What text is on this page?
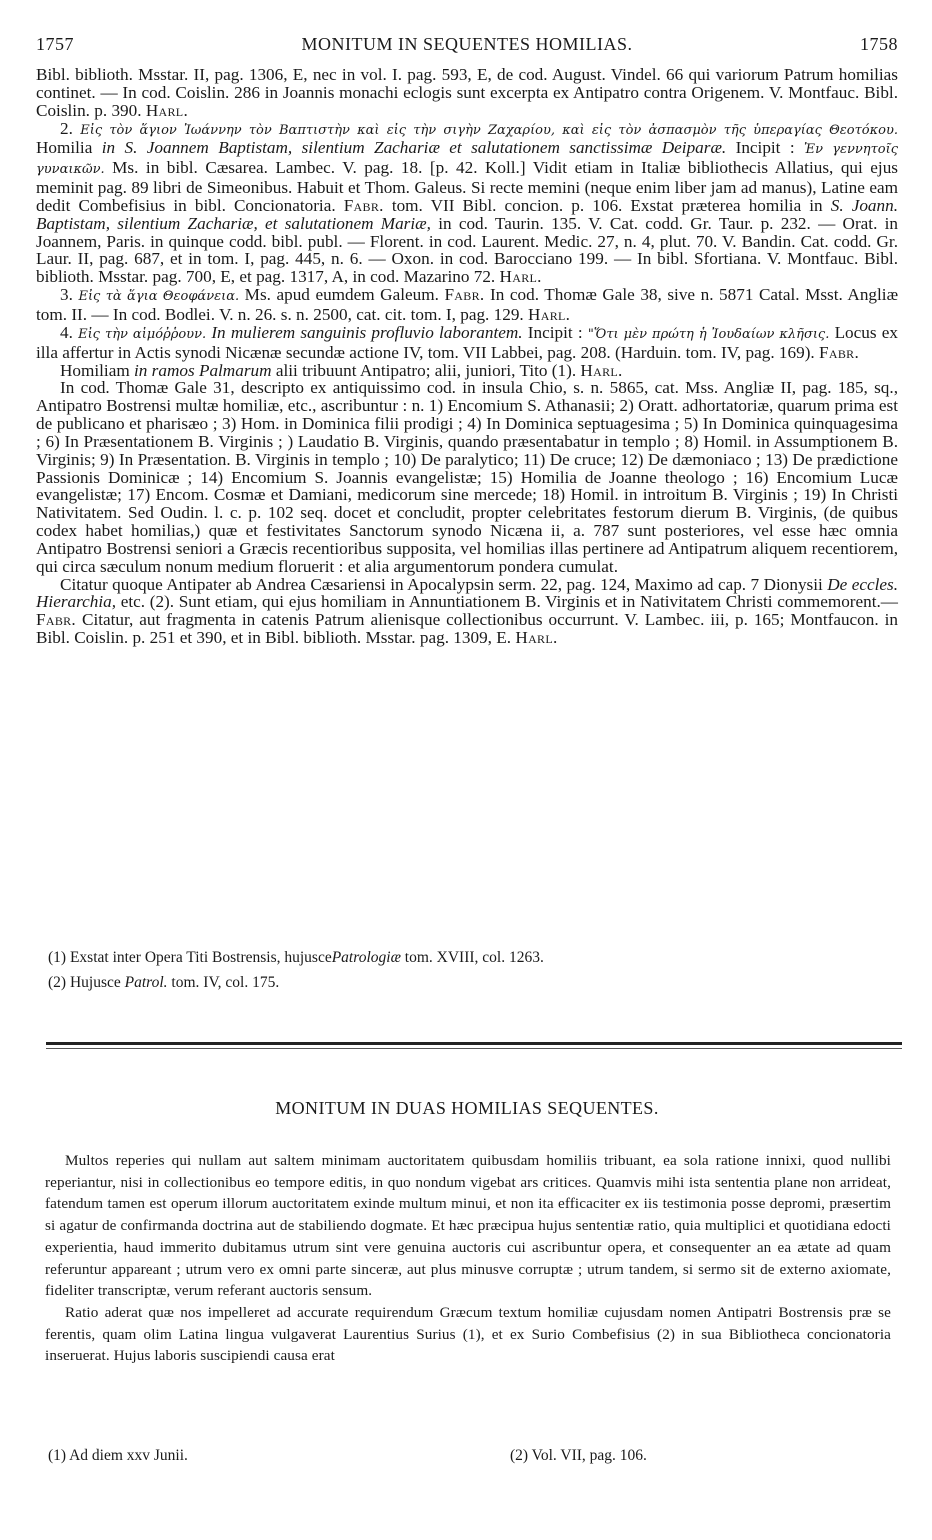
1757	MONITUM IN SEQUENTES HOMILIAS.	1758

Bibl. biblioth. Msstar. II, pag. 1306, E, nec in vol. I. pag. 593, E, de cod. August. Vindel. 66 qui variorum Patrum homilias continet. — In cod. Coislin. 286 in Joannis monachi eclogis sunt excerpta ex Antipatro contra Origenem. V. Montfauc. Bibl. Coislin. p. 390. Harl.

2. Εἰς τὸν ἅγιον Ἰωάννην τὸν Βαπτιστὴν καὶ εἰς τὴν σιγὴν Ζαχαρίου, καὶ εἰς τὸν ἀσπασμὸν τῆς ὑπεραγίας Θεοτόκου. Homilia in S. Joannem Baptistam, silentium Zachariæ et salutationem sanctissimæ Deiparæ. Incipit : Ἐν γεννητοῖς γυναικῶν. Ms. in bibl. Cæsarea. Lambec. V. pag. 18. [p. 42. Koll.] Vidit etiam in Italiæ bibliothecis Allatius, qui ejus meminit pag. 89 libri de Simeonibus. Habuit et Thom. Galeus. Si recte memini (neque enim liber jam ad manus), Latine eam dedit Combefisius in bibl. Concionatoria. Fabr. tom. VII Bibl. concion. p. 106. Exstat præterea homilia in S. Joann. Baptistam, silentium Zachariæ, et salutationem Mariæ, in cod. Taurin. 135. V. Cat. codd. Gr. Taur. p. 232. — Orat. in Joannem, Paris. in quinque codd. bibl. publ. — Florent. in cod. Laurent. Medic. 27, n. 4, plut. 70. V. Bandin. Cat. codd. Gr. Laur. II, pag. 687, et in tom. I, pag. 445, n. 6. — Oxon. in cod. Barocciano 199. — In bibl. Sfortiana. V. Montfauc. Bibl. biblioth. Msstar. pag. 700, E, et pag. 1317, A, in cod. Mazarino 72. Harl.

3. Εἰς τὰ ἅγια Θεοφάνεια. Ms. apud eumdem Galeum. Fabr. In cod. Thomæ Gale 38, sive n. 5871 Catal. Msst. Angliæ tom. II. — In cod. Bodlei. V. n. 26. s. n. 2500, cat. cit. tom. I, pag. 129. Harl.

4. Εἰς τὴν αἱμόῤῥουν. In mulierem sanguinis profluvio laborantem. Incipit : "Ὅτι μὲν πρώτη ἡ Ἰουδαίων κλῆσις. Locus ex illa affertur in Actis synodi Nicænæ secundæ actione IV, tom. VII Labbei, pag. 208. (Harduin. tom. IV, pag. 169). Fabr.

Homiliam in ramos Palmarum alii tribuunt Antipatro; alii, juniori, Tito (1). Harl.

In cod. Thomæ Gale 31, descripto ex antiquissimo cod. in insula Chio, s. n. 5865, cat. Mss. Angliæ II, pag. 185, sq., Antipatro Bostrensi multæ homiliæ, etc., ascribuntur : n. 1) Encomium S. Athanasii; 2) Oratt. adhortatoriæ, quarum prima est de publicano et pharisæo ; 3) Hom. in Dominica filii prodigi ; 4) In Dominica septuagesima ; 5) In Dominica quinquagesima ; 6) In Præsentationem B. Virginis ; ) Laudatio B. Virginis, quando præsentabatur in templo ; 8) Homil. in Assumptionem B. Virginis; 9) In Præsentation. B. Virginis in templo ; 10) De paralytico; 11) De cruce; 12) De dæmoniaco ; 13) De prædictione Passionis Dominicæ ; 14) Encomium S. Joannis evangelistæ; 15) Homilia de Joanne theologo ; 16) Encomium Lucæ evangelistæ; 17) Encom. Cosmæ et Damiani, medicorum sine mercede; 18) Homil. in introitum B. Virginis ; 19) In Christi Nativitatem. Sed Oudin. l. c. p. 102 seq. docet et concludit, propter celebritates festorum dierum B. Virginis, (de quibus codex habet homilias,) quæ et festivitates Sanctorum synodo Nicæna ii, a. 787 sunt posteriores, vel esse hæc omnia Antipatro Bostrensi seniori a Græcis recentioribus supposita, vel homilias illas pertinere ad Antipatrum aliquem recentiorem, qui circa sæculum nonum medium floruerit : et alia argumentorum pondera cumulat.

Citatur quoque Antipater ab Andrea Cæsariensi in Apocalypsin serm. 22, pag. 124, Maximo ad cap. 7 Dionysii De eccles. Hierarchia, etc. (2). Sunt etiam, qui ejus homiliam in Annuntiationem B. Virginis et in Nativitatem Christi commemorent.—Fabr. Citatur, aut fragmenta in catenis Patrum alienisque collectionibus occurrunt. V. Lambec. iii, p. 165; Montfaucon. in Bibl. Coislin. p. 251 et 390, et in Bibl. biblioth. Msstar. pag. 1309, E. Harl.

(1) Exstat inter Opera Titi Bostrensis, hujuscePatrologiæ tom. XVIII, col. 1263.
(2) Hujusce Patrol. tom. IV, col. 175.
MONITUM IN DUAS HOMILIAS SEQUENTES.

Multos reperies qui nullam aut saltem minimam auctoritatem quibusdam homiliis tribuant, ea sola ratione innixi, quod nullibi reperiantur, nisi in collectionibus eo tempore editis, in quo nondum vigebat ars critices. Quamvis mihi ista sententia plane non arrideat, fatendum tamen est operum illorum auctoritatem exinde multum minui, et non ita efficaciter ex iis testimonia posse depromi, præsertim si agatur de confirmanda doctrina aut de stabiliendo dogmate. Et hæc præcipua hujus sententiæ ratio, quia multiplici et quotidiana edocti experientia, haud immerito dubitamus utrum sint vere genuina auctoris cui ascribuntur opera, et consequenter an ea ætate ad quam referuntur appareant ; utrum vero ex omni parte sinceræ, aut plus minusve corruptæ ; utrum tandem, si sermo sit de externo axiomate, fideliter transcriptæ, verum referant auctoris sensum.

Ratio aderat quæ nos impelleret ad accurate requirendum Græcum textum homiliæ cujusdam nomen Antipatri Bostrensis præ se ferentis, quam olim Latina lingua vulgaverat Laurentius Surius (1), et ex Surio Combefisius (2) in sua Bibliotheca concionatoria inseruerat. Hujus laboris suscipiendi causa erat

(1) Ad diem xxv Junii.	(2) Vol. VII, pag. 106.
